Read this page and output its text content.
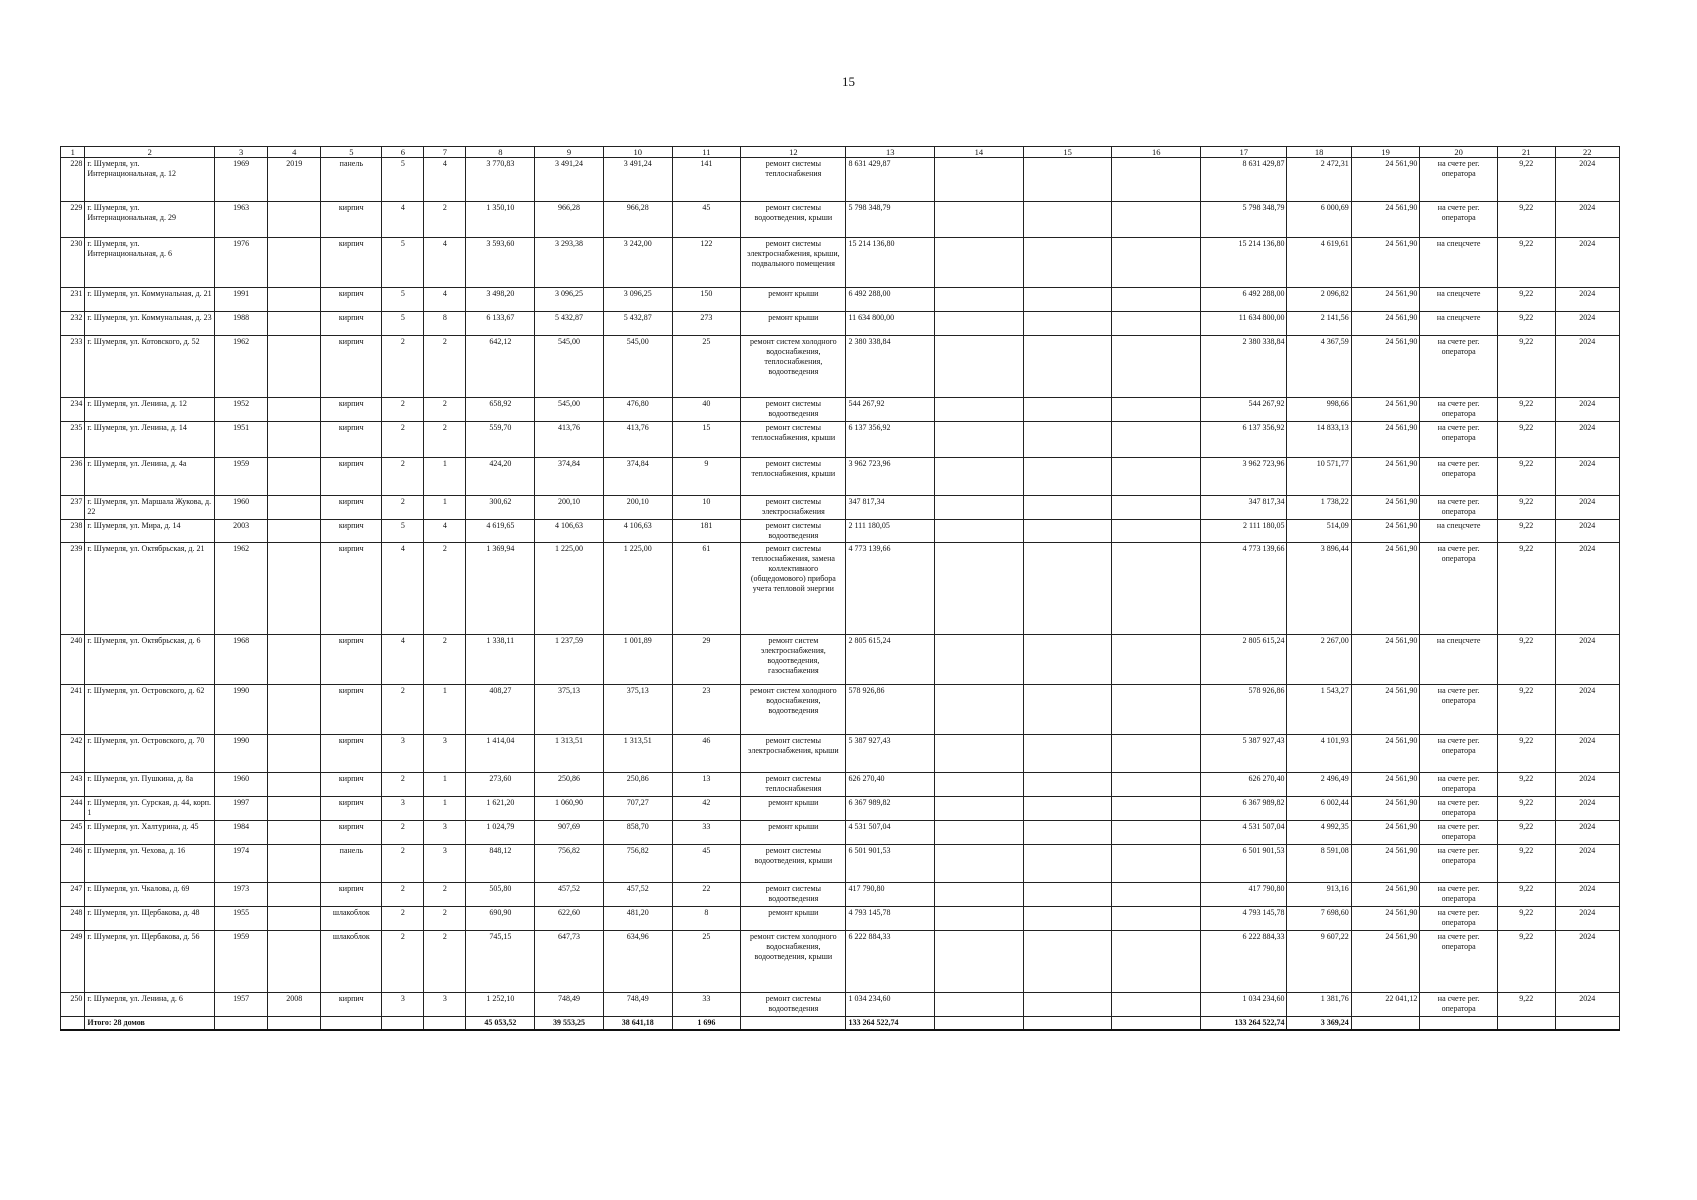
15
1	2	3	4	5	6	7	8	9	10	11	12	13	14	15	16	17	18	19	20	21	22
228	г. Шумерля, ул. Интернациональная, д. 12	1969	2019	панель	5	4	3 770,83	3 491,24	3 491,24	141	ремонт системы теплоснабжения	8 631 429,87				8 631 429,87	2 472,31	24 561,90	на счете рег. оператора	9,22	2024
229	г. Шумерля, ул. Интернациональная, д. 29	1963		кирпич	4	2	1 350,10	966,28	966,28	45	ремонт системы водоотведения, крыши	5 798 348,79				5 798 348,79	6 000,69	24 561,90	на счете рег. оператора	9,22	2024
230	г. Шумерля, ул. Интернациональная, д. 6	1976		кирпич	5	4	3 593,60	3 293,38	3 242,00	122	ремонт системы электроснабжения, крыши, подвального помещения	15 214 136,80				15 214 136,80	4 619,61	24 561,90	на спецсчете	9,22	2024
231	г. Шумерля, ул. Коммунальная, д. 21	1991		кирпич	5	4	3 498,20	3 096,25	3 096,25	150	ремонт крыши	6 492 288,00				6 492 288,00	2 096,82	24 561,90	на спецсчете	9,22	2024
232	г. Шумерля, ул. Коммунальная, д. 23	1988		кирпич	5	8	6 133,67	5 432,87	5 432,87	273	ремонт крыши	11 634 800,00				11 634 800,00	2 141,56	24 561,90	на спецсчете	9,22	2024
233	г. Шумерля, ул. Котовского, д. 52	1962		кирпич	2	2	642,12	545,00	545,00	25	ремонт систем холодного водоснабжения, теплоснабжения, водоотведения	2 380 338,84				2 380 338,84	4 367,59	24 561,90	на счете рег. оператора	9,22	2024
234	г. Шумерля, ул. Ленина, д. 12	1952		кирпич	2	2	658,92	545,00	476,80	40	ремонт системы водоотведения	544 267,92				544 267,92	998,66	24 561,90	на счете рег. оператора	9,22	2024
235	г. Шумерля, ул. Ленина, д. 14	1951		кирпич	2	2	559,70	413,76	413,76	15	ремонт системы теплоснабжения, крыши	6 137 356,92				6 137 356,92	14 833,13	24 561,90	на счете рег. оператора	9,22	2024
236	г. Шумерля, ул. Ленина, д. 4а	1959		кирпич	2	1	424,20	374,84	374,84	9	ремонт системы теплоснабжения, крыши	3 962 723,96				3 962 723,96	10 571,77	24 561,90	на счете рег. оператора	9,22	2024
237	г. Шумерля, ул. Маршала Жукова, д. 22	1960		кирпич	2	1	300,62	200,10	200,10	10	ремонт системы электроснабжения	347 817,34				347 817,34	1 738,22	24 561,90	на счете рег. оператора	9,22	2024
238	г. Шумерля, ул. Мира, д. 14	2003		кирпич	5	4	4 619,65	4 106,63	4 106,63	181	ремонт системы водоотведения	2 111 180,05				2 111 180,05	514,09	24 561,90	на спецсчете	9,22	2024
239	г. Шумерля, ул. Октябрьская, д. 21	1962		кирпич	4	2	1 369,94	1 225,00	1 225,00	61	ремонт системы теплоснабжения, замена коллективного (общедомового) прибора учета тепловой энергии	4 773 139,66				4 773 139,66	3 896,44	24 561,90	на счете рег. оператора	9,22	2024
240	г. Шумерля, ул. Октябрьская, д. 6	1968		кирпич	4	2	1 338,11	1 237,59	1 001,89	29	ремонт систем электроснабжения, водоотведения, газоснабжения	2 805 615,24				2 805 615,24	2 267,00	24 561,90	на спецсчете	9,22	2024
241	г. Шумерля, ул. Островского, д. 62	1990		кирпич	2	1	408,27	375,13	375,13	23	ремонт систем холодного водоснабжения, водоотведения	578 926,86				578 926,86	1 543,27	24 561,90	на счете рег. оператора	9,22	2024
242	г. Шумерля, ул. Островского, д. 70	1990		кирпич	3	3	1 414,04	1 313,51	1 313,51	46	ремонт системы электроснабжения, крыши	5 387 927,43				5 387 927,43	4 101,93	24 561,90	на счете рег. оператора	9,22	2024
243	г. Шумерля, ул. Пушкина, д. 8а	1960		кирпич	2	1	273,60	250,86	250,86	13	ремонт системы теплоснабжения	626 270,40				626 270,40	2 496,49	24 561,90	на счете рег. оператора	9,22	2024
244	г. Шумерля, ул. Сурская, д. 44, корп. 1	1997		кирпич	3	1	1 621,20	1 060,90	707,27	42	ремонт крыши	6 367 989,82				6 367 989,82	6 002,44	24 561,90	на счете рег. оператора	9,22	2024
245	г. Шумерля, ул. Халтурина, д. 45	1984		кирпич	2	3	1 024,79	907,69	858,70	33	ремонт крыши	4 531 507,04				4 531 507,04	4 992,35	24 561,90	на счете рег. оператора	9,22	2024
246	г. Шумерля, ул. Чехова, д. 16	1974		панель	2	3	848,12	756,82	756,82	45	ремонт системы водоотведения, крыши	6 501 901,53				6 501 901,53	8 591,08	24 561,90	на счете рег. оператора	9,22	2024
247	г. Шумерля, ул. Чкалова, д. 69	1973		кирпич	2	2	505,80	457,52	457,52	22	ремонт системы водоотведения	417 790,80				417 790,80	913,16	24 561,90	на счете рег. оператора	9,22	2024
248	г. Шумерля, ул. Щербакова, д. 48	1955		шлакоблок	2	2	690,90	622,60	481,20	8	ремонт крыши	4 793 145,78				4 793 145,78	7 698,60	24 561,90	на счете рег. оператора	9,22	2024
249	г. Шумерля, ул. Щербакова, д. 56	1959		шлакоблок	2	2	745,15	647,73	634,96	25	ремонт систем холодного водоснабжения, водоотведения, крыши	6 222 884,33				6 222 884,33	9 607,22	24 561,90	на счете рег. оператора	9,22	2024
250	г. Шумерля, ул. Ленина, д. 6	1957	2008	кирпич	3	3	1 252,10	748,49	748,49	33	ремонт системы водоотведения	1 034 234,60				1 034 234,60	1 381,76	22 041,12	на счете рег. оператора	9,22	2024
	Итого: 28 домов						45 053,52	39 553,25	38 641,18	1 696		133 264 522,74				133 264 522,74	3 369,24				
